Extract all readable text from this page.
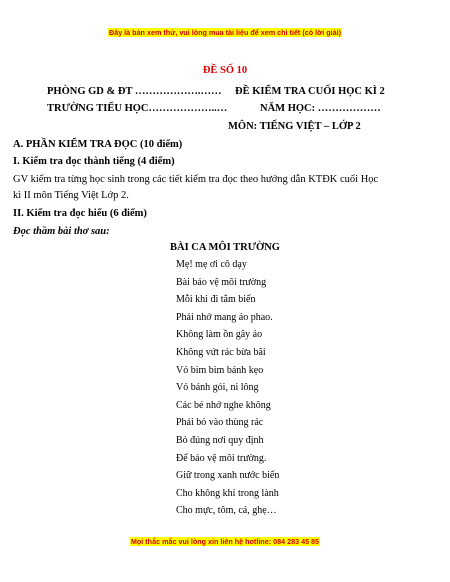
Đây là bản xem thử, vui lòng mua tài liệu để xem chi tiết (có lời giải)
ĐỀ SỐ 10
PHÒNG GD & ĐT ……………….…… ĐỀ KIỂM TRA CUỐI HỌC KÌ 2
TRƯỜNG TIỂU HỌC………………..…	NĂM HỌC: ………………
MÔN: TIẾNG VIỆT – LỚP 2
A. PHẦN KIỂM TRA ĐỌC (10 điểm)
I. Kiểm tra đọc thành tiếng (4 điểm)
GV kiểm tra từng học sinh trong các tiết kiểm tra đọc theo hướng dẫn KTĐK cuối Học
kì II môn Tiếng Việt Lớp 2.
II. Kiểm tra đọc hiểu (6 điểm)
Đọc thầm bài thơ sau:
BÀI CA MÔI TRƯỜNG
Mẹ! mẹ ơi cô dạy
Bài bảo vệ môi trường
Mỗi khi đi tắm biển
Phải nhớ mang áo phao.
Không làm ồn gây ảo
Không vứt rác bừa bãi
Vỏ bim bim bánh kẹo
Vỏ bánh gói, ni lông
Các bé nhớ nghe không
Phải bỏ vào thùng rác
Bỏ đúng nơi quy định
Để bảo vệ môi trường.
Giữ trong xanh nước biển
Cho không khí trong lành
Cho mực, tôm, cá, ghẹ…
Mọi thắc mắc vui lòng xin liên hệ hotline: 084 283 45 85
